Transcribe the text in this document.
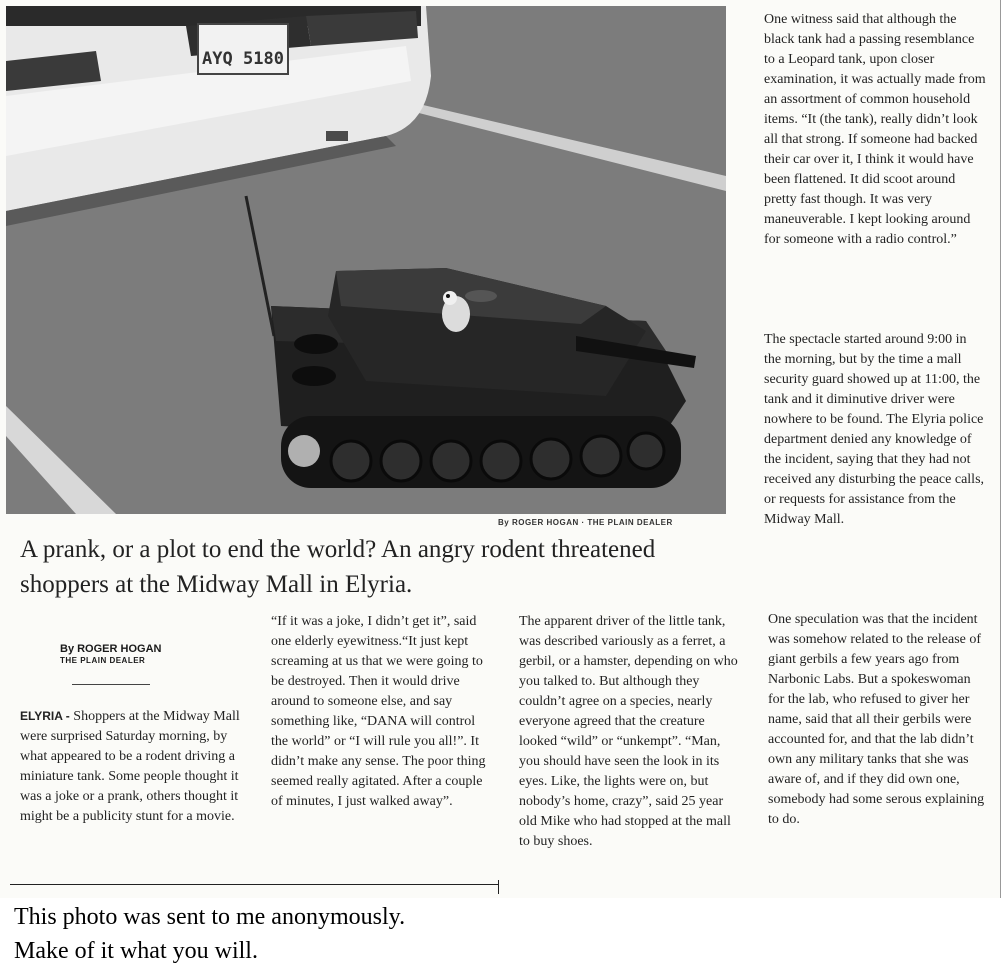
AYQ 5180
By ROGER HOGAN · THE PLAIN DEALER
A prank, or a plot to end the world? An angry rodent threatened shoppers at the Midway Mall in Elyria.
By ROGER HOGAN
THE PLAIN DEALER
ELYRIA - Shoppers at the Midway Mall were surprised Saturday morning, by what appeared to be a rodent driving a miniature tank. Some people thought it was a joke or a prank, others thought it might be a publicity stunt for a movie.
“If it was a joke, I didn’t get it”, said one elderly eyewitness.“It just kept screaming at us that we were going to be destroyed. Then it would drive around to someone else, and say something like, “DANA will control the world” or “I will rule you all!”. It didn’t make any sense. The poor thing seemed really agitated. After a couple of minutes, I just walked away”.
The apparent driver of the little tank, was described variously as a ferret, a gerbil, or a hamster, depending on who you talked to. But although they couldn’t agree on a species, nearly everyone agreed that the creature looked “wild” or “unkempt”. “Man, you should have seen the look in its eyes. Like, the lights were on, but nobody’s home, crazy”, said 25 year old Mike who had stopped at the mall to buy shoes.
One witness said that although the black tank had a passing resemblance to a Leopard tank, upon closer examination, it was actually made from an assortment of common household items. “It (the tank), really didn’t look all that strong. If someone had backed their car over it, I think it would have been flattened. It did scoot around pretty fast though. It was very maneuverable. I kept looking around for someone with a radio control.”
The spectacle started around 9:00 in the morning, but by the time a mall security guard showed up at 11:00, the tank and it diminutive driver were nowhere to be found. The Elyria police department denied any knowledge of the incident, saying that they had not received any disturbing the peace calls, or requests for assistance from the Midway Mall.
One speculation was that the incident was somehow related to the release of giant gerbils a few years ago from Narbonic Labs. But a spokeswoman for the lab, who refused to giver her name, said that all their gerbils were accounted for, and that the lab didn’t own any military tanks that she was aware of, and if they did own one, somebody had some serous explaining to do.
This photo was sent to me anonymously.
Make of it what you will.
